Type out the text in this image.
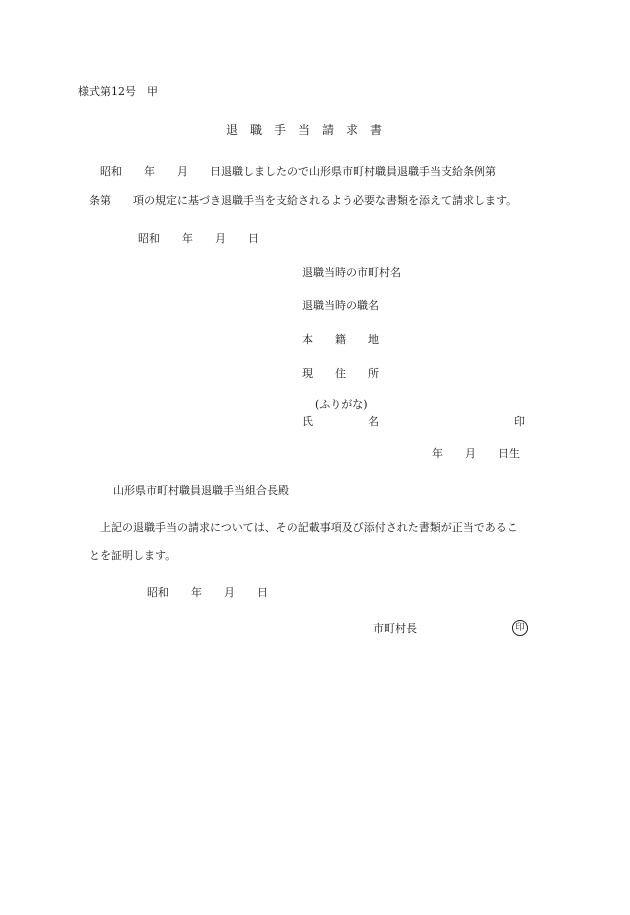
様式第12号　甲

退　職　手　当　請　求　書

昭和　　年　　月　　日退職しましたので山形県市町村職員退職手当支給条例第

条第　　項の規定に基づき退職手当を支給されるよう必要な書類を添えて請求します。

昭和　　年　　月　　日

退職当時の市町村名

退職当時の職名

本　　籍　　地

現　　住　　所

(ふりがな)

氏　　　　　名	印

年　　月　　日生

山形県市町村職員退職手当組合長殿

上記の退職手当の請求については、その記載事項及び添付された書類が正当であるこ

とを証明します。

昭和　　年　　月　　日

市町村長	印
